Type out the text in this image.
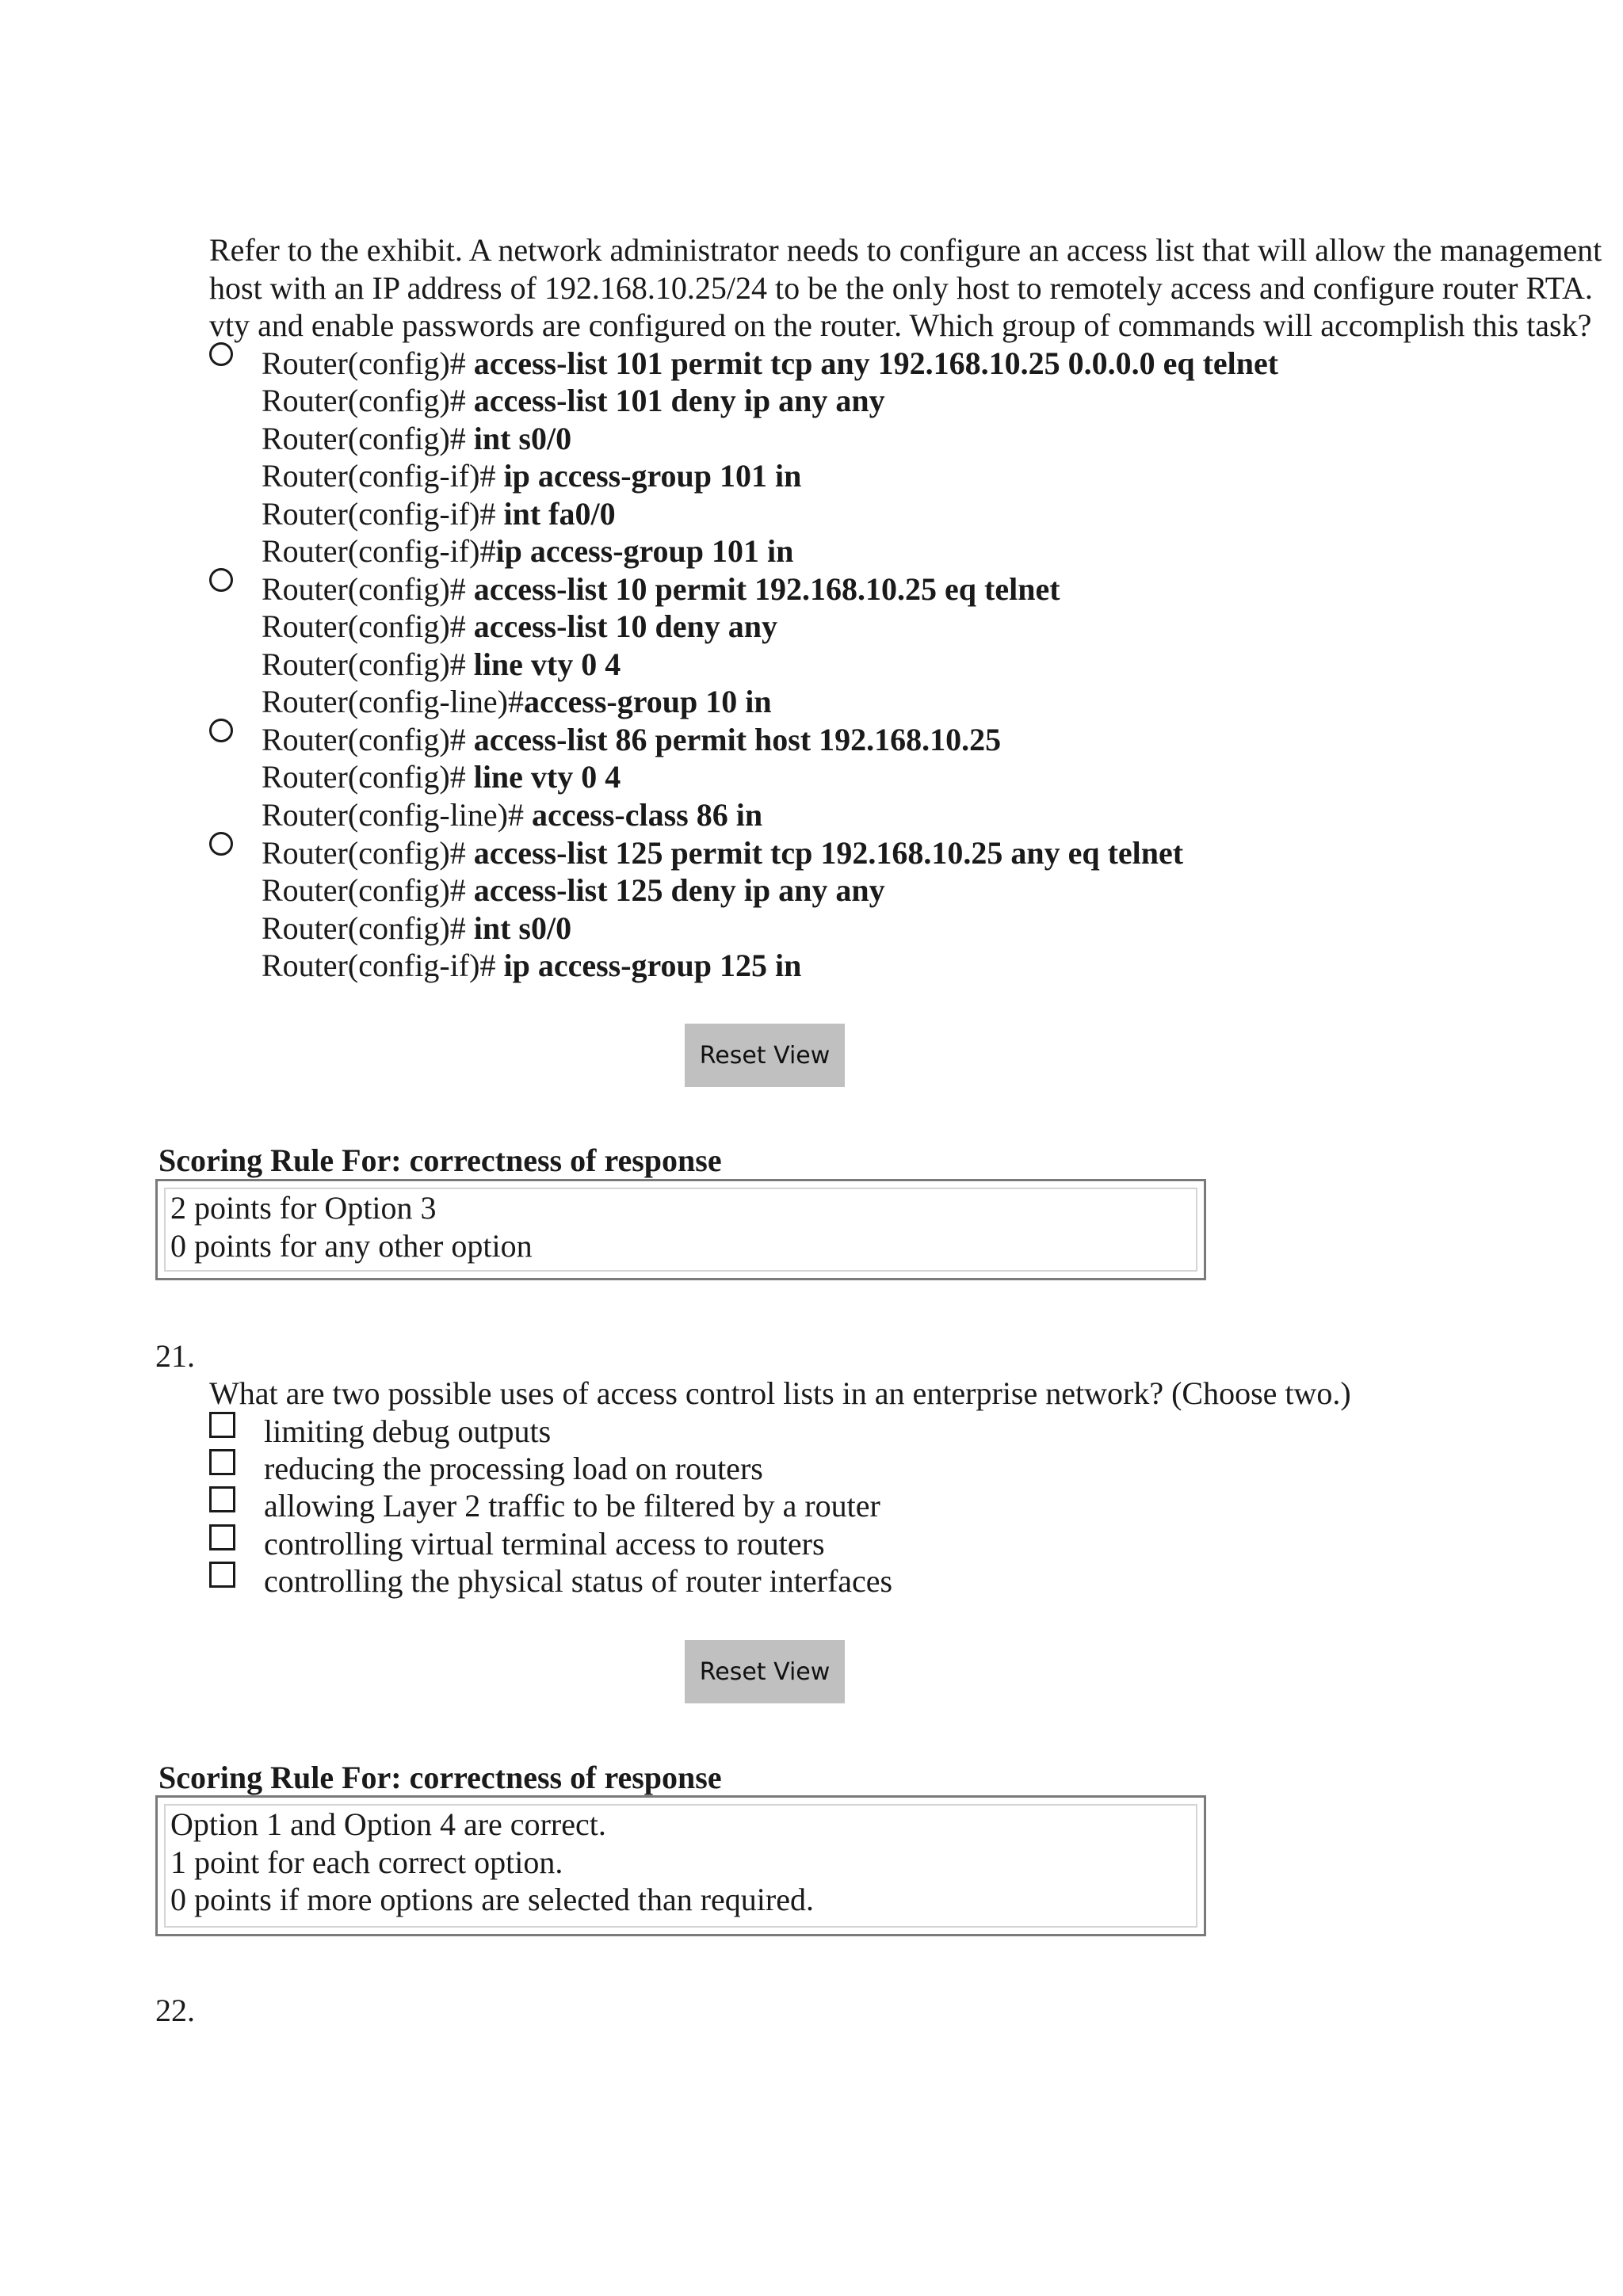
Refer to the exhibit. A network administrator needs to configure an access list that will allow the management
host with an IP address of 192.168.10.25/24 to be the only host to remotely access and configure router RTA.
vty and enable passwords are configured on the router. Which group of commands will accomplish this task?
Router(config)# access-list 101 permit tcp any 192.168.10.25 0.0.0.0 eq telnet
Router(config)# access-list 101 deny ip any any
Router(config)# int s0/0
Router(config-if)# ip access-group 101 in
Router(config-if)# int fa0/0
Router(config-if)#ip access-group 101 in
Router(config)# access-list 10 permit 192.168.10.25 eq telnet
Router(config)# access-list 10 deny any
Router(config)# line vty 0 4
Router(config-line)#access-group 10 in
Router(config)# access-list 86 permit host 192.168.10.25
Router(config)# line vty 0 4
Router(config-line)# access-class 86 in
Router(config)# access-list 125 permit tcp 192.168.10.25 any eq telnet
Router(config)# access-list 125 deny ip any any
Router(config)# int s0/0
Router(config-if)# ip access-group 125 in
Reset View
Scoring Rule For: correctness of response
2 points for Option 3
0 points for any other option
21.
What are two possible uses of access control lists in an enterprise network? (Choose two.)
limiting debug outputs
reducing the processing load on routers
allowing Layer 2 traffic to be filtered by a router
controlling virtual terminal access to routers
controlling the physical status of router interfaces
Reset View
Scoring Rule For: correctness of response
Option 1 and Option 4 are correct.
1 point for each correct option.
0 points if more options are selected than required.
22.
